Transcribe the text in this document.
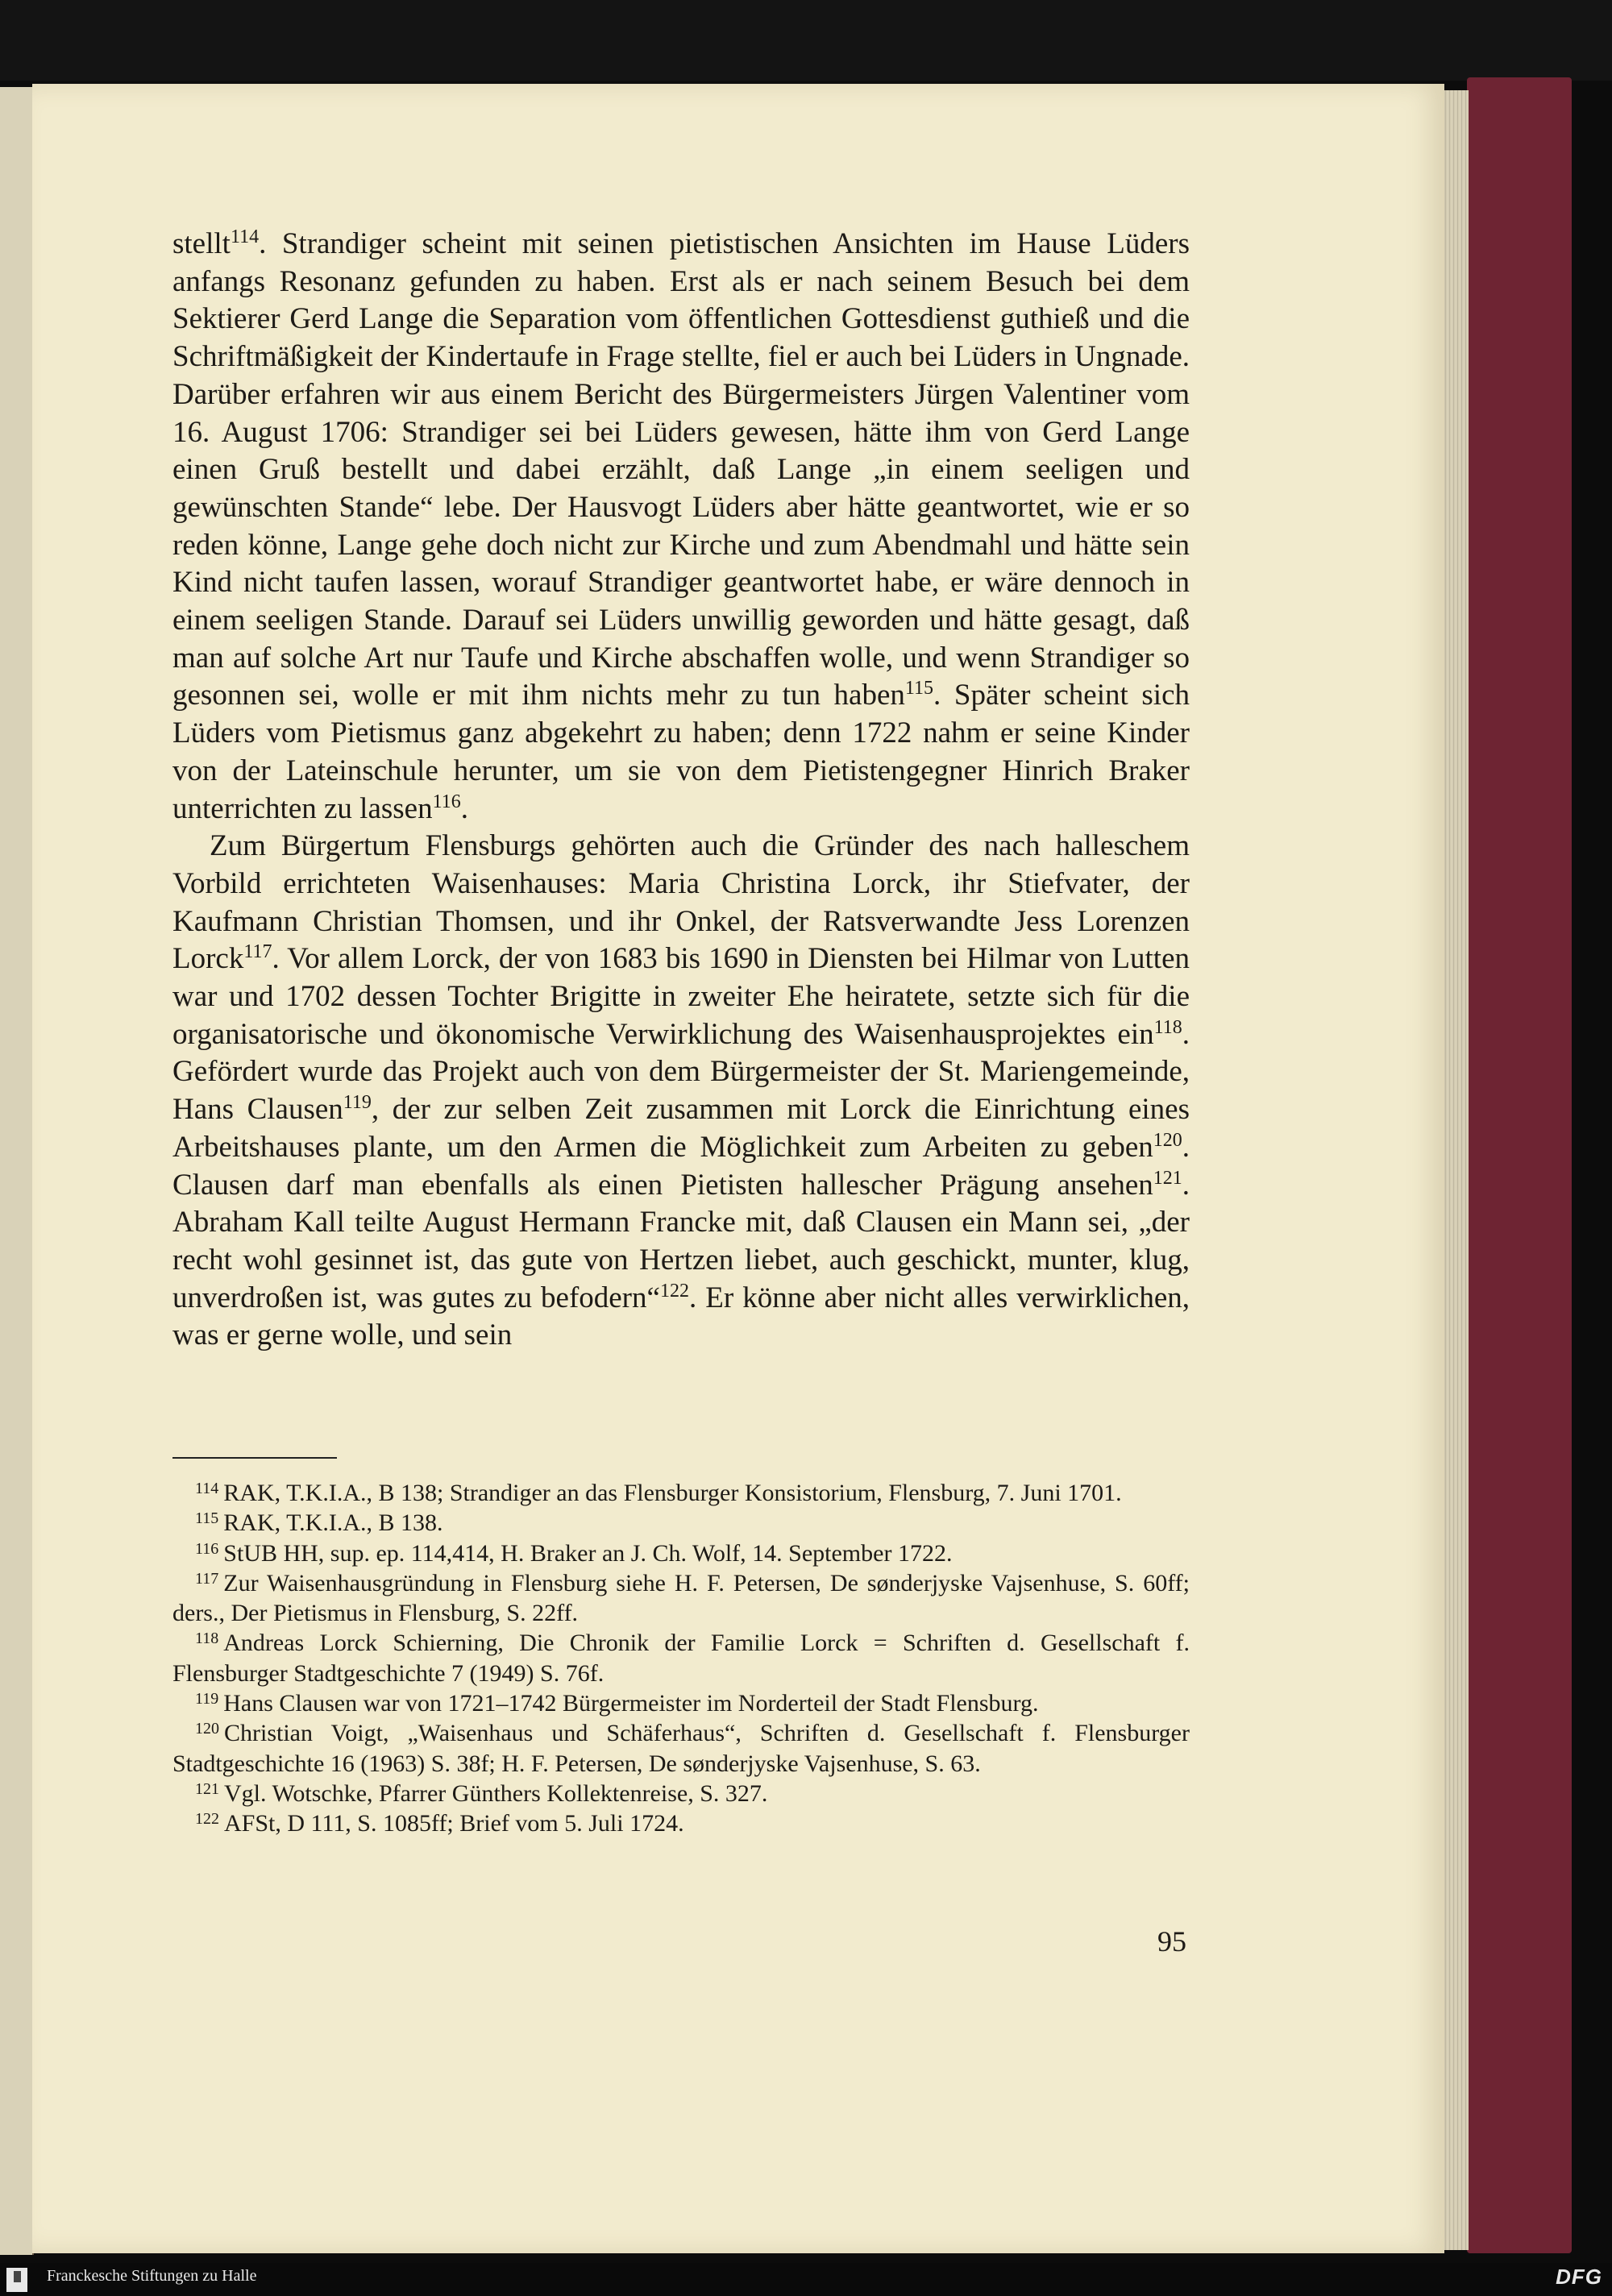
stellt$^{114}$. Strandiger scheint mit seinen pietistischen Ansichten im Hause Lüders anfangs Resonanz gefunden zu haben. Erst als er nach seinem Besuch bei dem Sektierer Gerd Lange die Separation vom öffentlichen Gottesdienst guthieß und die Schriftmäßigkeit der Kindertaufe in Frage stellte, fiel er auch bei Lüders in Ungnade. Darüber erfahren wir aus einem Bericht des Bürgermeisters Jürgen Valentiner vom 16. August 1706: Strandiger sei bei Lüders gewesen, hätte ihm von Gerd Lange einen Gruß bestellt und dabei erzählt, daß Lange „in einem seeligen und gewünschten Stande“ lebe. Der Hausvogt Lüders aber hätte geantwortet, wie er so reden könne, Lange gehe doch nicht zur Kirche und zum Abendmahl und hätte sein Kind nicht taufen lassen, worauf Strandiger geantwortet habe, er wäre dennoch in einem seeligen Stande. Darauf sei Lüders unwillig geworden und hätte gesagt, daß man auf solche Art nur Taufe und Kirche abschaffen wolle, und wenn Strandiger so gesonnen sei, wolle er mit ihm nichts mehr zu tun haben$^{115}$. Später scheint sich Lüders vom Pietismus ganz abgekehrt zu haben; denn 1722 nahm er seine Kinder von der Lateinschule herunter, um sie von dem Pietistengegner Hinrich Braker unterrichten zu lassen$^{116}$.

Zum Bürgertum Flensburgs gehörten auch die Gründer des nach halleschem Vorbild errichteten Waisenhauses: Maria Christina Lorck, ihr Stiefvater, der Kaufmann Christian Thomsen, und ihr Onkel, der Ratsverwandte Jess Lorenzen Lorck$^{117}$. Vor allem Lorck, der von 1683 bis 1690 in Diensten bei Hilmar von Lutten war und 1702 dessen Tochter Brigitte in zweiter Ehe heiratete, setzte sich für die organisatorische und ökonomische Verwirklichung des Waisenhausprojektes ein$^{118}$. Gefördert wurde das Projekt auch von dem Bürgermeister der St. Mariengemeinde, Hans Clausen$^{119}$, der zur selben Zeit zusammen mit Lorck die Einrichtung eines Arbeitshauses plante, um den Armen die Möglichkeit zum Arbeiten zu geben$^{120}$. Clausen darf man ebenfalls als einen Pietisten hallescher Prägung ansehen$^{121}$. Abraham Kall teilte August Hermann Francke mit, daß Clausen ein Mann sei, „der recht wohl gesinnet ist, das gute von Hertzen liebet, auch geschickt, munter, klug, unverdroßen ist, was gutes zu befodern“$^{122}$. Er könne aber nicht alles verwirklichen, was er gerne wolle, und sein

$^{114}$ RAK, T.K.I.A., B 138; Strandiger an das Flensburger Konsistorium, Flensburg, 7. Juni 1701.

$^{115}$ RAK, T.K.I.A., B 138.

$^{116}$ StUB HH, sup. ep. 114,414, H. Braker an J. Ch. Wolf, 14. September 1722.

$^{117}$ Zur Waisenhausgründung in Flensburg siehe H. F. Petersen, De sønderjyske Vajsenhuse, S. 60ff; ders., Der Pietismus in Flensburg, S. 22ff.

$^{118}$ Andreas Lorck Schierning, Die Chronik der Familie Lorck = Schriften d. Gesellschaft f. Flensburger Stadtgeschichte 7 (1949) S. 76f.

$^{119}$ Hans Clausen war von 1721–1742 Bürgermeister im Norderteil der Stadt Flensburg.

$^{120}$ Christian Voigt, „Waisenhaus und Schäferhaus“, Schriften d. Gesellschaft f. Flensburger Stadtgeschichte 16 (1963) S. 38f; H. F. Petersen, De sønderjyske Vajsenhuse, S. 63.

$^{121}$ Vgl. Wotschke, Pfarrer Günthers Kollektenreise, S. 327.

$^{122}$ AFSt, D 111, S. 1085ff; Brief vom 5. Juli 1724.

95
Franckesche Stiftungen zu Halle	DFG
